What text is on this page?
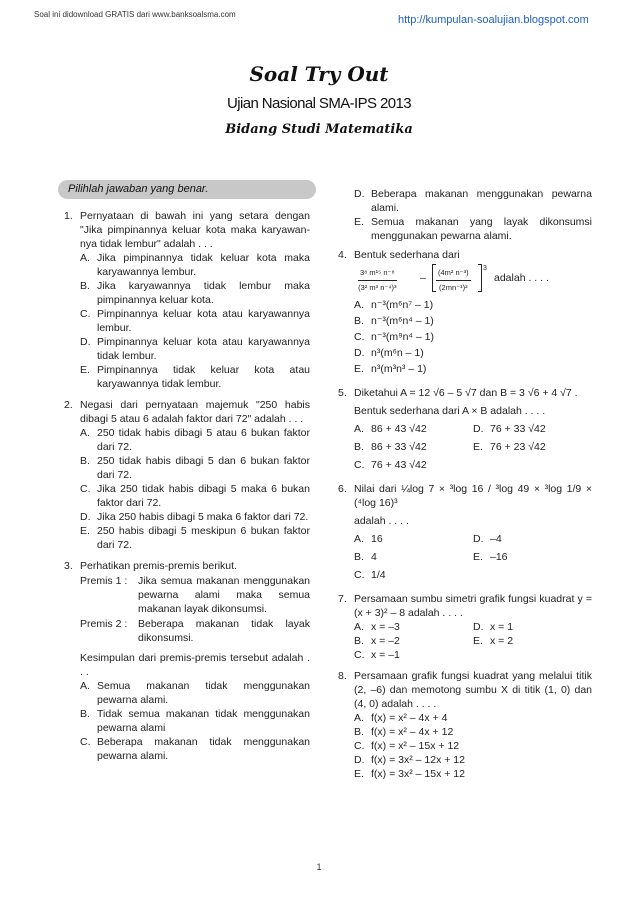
Soal ini didownload GRATIS dari www.banksoalsma.com	http://kumpulan-soalujian.blogspot.com
Soal Try Out
Ujian Nasional SMA-IPS 2013
Bidang Studi Matematika
Pilihlah jawaban yang benar.
1. Pernyataan di bawah ini yang setara dengan "Jika pimpinannya keluar kota maka karyawan-nya tidak lembur" adalah . . .
A. Jika pimpinannya tidak keluar kota maka karyawannya lembur.
B. Jika karyawannya tidak lembur maka pimpinannya keluar kota.
C. Pimpinannya keluar kota atau karyawannya lembur.
D. Pimpinannya keluar kota atau karyawannya tidak lembur.
E. Pimpinannya tidak keluar kota atau karyawannya tidak lembur.
2. Negasi dari pernyataan majemuk "250 habis dibagi 5 atau 6 adalah faktor dari 72" adalah . . .
A. 250 tidak habis dibagi 5 atau 6 bukan faktor dari 72.
B. 250 tidak habis dibagi 5 dan 6 bukan faktor dari 72.
C. Jika 250 tidak habis dibagi 5 maka 6 bukan faktor dari 72.
D. Jika 250 habis dibagi 5 maka 6 faktor dari 72.
E. 250 habis dibagi 5 meskipun 6 bukan faktor dari 72.
3. Perhatikan premis-premis berikut.
Premis 1 : Jika semua makanan menggunakan pewarna alami maka semua makanan layak dikonsumsi.
Premis 2 : Beberapa makanan tidak layak dikonsumsi.
Kesimpulan dari premis-premis tersebut adalah . . .
A. Semua makanan tidak menggunakan pewarna alami.
B. Tidak semua makanan tidak menggunakan pewarna alami
C. Beberapa makanan tidak menggunakan pewarna alami.
D. Beberapa makanan menggunakan pewarna alami.
E. Semua makanan yang layak dikonsumsi menggunakan pewarna alami.
4. Bentuk sederhana dari
$\frac{\text{3⁸ m¹⁵ n⁻⁸}}{\text{(3² m³ n⁻⁴)³}} - \frac{\text{(4m² n⁻³)}}{\text{(2mn⁻¹)²}} 3$
adalah . . . .
A. n⁻³(m⁶n⁷ – 1)
B. n⁻³(m⁶n⁴ – 1)
C. n⁻³(m⁹n⁴ – 1)
D. n³(m⁶n – 1)
E. n³(m³n³ – 1)
5. Diketahui A = 12 √6 – 5 √7 dan B = 3 √6 + 4 √7 .
Bentuk sederhana dari A × B adalah . . . .
A. 86 + 43 √42	D. 76 + 33 √42
B. 86 + 33 √42	E. 76 + 23 √42
C. 76 + 43 √42
6. Nilai dari ¼log 7 × ³log 16 / ³log 49 × ³log 1/9 × (⁴log 16)³
adalah . . . .
A. 16	D. –4
B. 4	E. –16
C. 1/4
7. Persamaan sumbu simetri grafik fungsi kuadrat y = (x + 3)² – 8 adalah . . . .
A. x = –3	D. x = 1
B. x = –2	E. x = 2
C. x = –1
8. Persamaan grafik fungsi kuadrat yang melalui titik (2, –6) dan memotong sumbu X di titik (1, 0) dan (4, 0) adalah . . . .
A. f(x) = x² – 4x + 4
B. f(x) = x² – 4x + 12
C. f(x) = x² – 15x + 12
D. f(x) = 3x² – 12x + 12
E. f(x) = 3x² – 15x + 12
1
